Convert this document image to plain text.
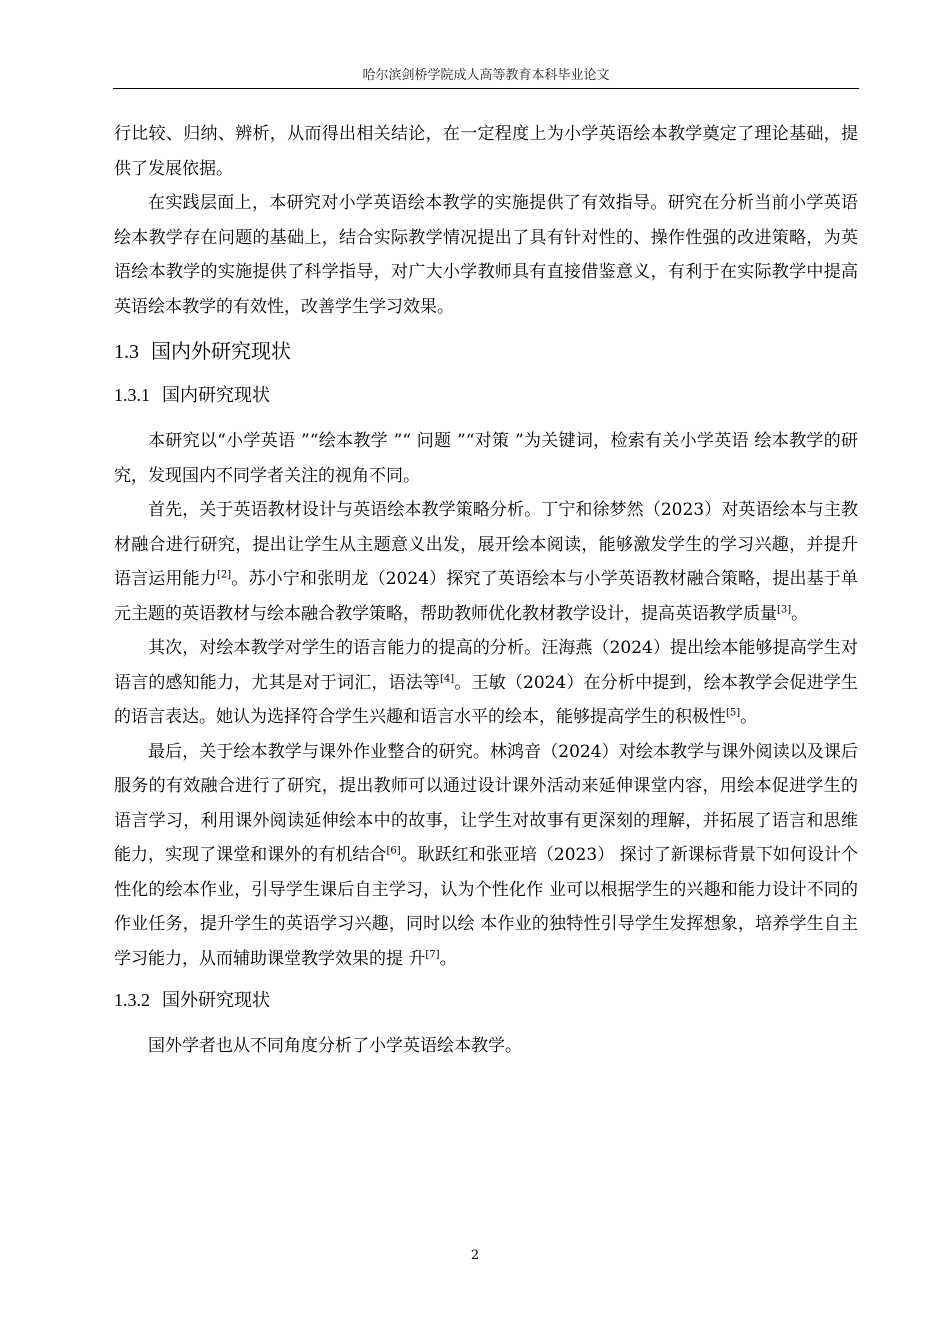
哈尔滨剑桥学院成人高等教育本科毕业论文

行比较、归纳、辨析，从而得出相关结论，在一定程度上为小学英语绘本教学奠定了理论基础，提供了发展依据。

在实践层面上，本研究对小学英语绘本教学的实施提供了有效指导。研究在分析当前小学英语绘本教学存在问题的基础上，结合实际教学情况提出了具有针对性的、操作性强的改进策略，为英语绘本教学的实施提供了科学指导，对广大小学教师具有直接借鉴意义，有利于在实际教学中提高英语绘本教学的有效性，改善学生学习效果。

1.3 国内外研究现状
1.3.1 国内研究现状

本研究以“小学英语 ”“绘本教学 ”“ 问题 ”“对策 ”为关键词，检索有关小学英语 绘本教学的研究，发现国内不同学者关注的视角不同。

首先，关于英语教材设计与英语绘本教学策略分析。丁宁和徐梦然（2023）对英语绘本与主教材融合进行研究，提出让学生从主题意义出发，展开绘本阅读，能够激发学生的学习兴趣，并提升语言运用能力[2]。苏小宁和张明龙（2024）探究了英语绘本与小学英语教材融合策略，提出基于单元主题的英语教材与绘本融合教学策略，帮助教师优化教材教学设计，提高英语教学质量[3]。

其次，对绘本教学对学生的语言能力的提高的分析。汪海燕（2024）提出绘本能够提高学生对语言的感知能力，尤其是对于词汇，语法等[4]。王敏（2024）在分析中提到，绘本教学会促进学生的语言表达。她认为选择符合学生兴趣和语言水平的绘本，能够提高学生的积极性[5]。

最后，关于绘本教学与课外作业整合的研究。林鸿音（2024）对绘本教学与课外阅读以及课后服务的有效融合进行了研究，提出教师可以通过设计课外活动来延伸课堂内容，用绘本促进学生的语言学习，利用课外阅读延伸绘本中的故事，让学生对故事有更深刻的理解，并拓展了语言和思维能力，实现了课堂和课外的有机结合[6]。耿跃红和张亚培（2023） 探讨了新课标背景下如何设计个性化的绘本作业，引导学生课后自主学习，认为个性化作 业可以根据学生的兴趣和能力设计不同的作业任务，提升学生的英语学习兴趣，同时以绘 本作业的独特性引导学生发挥想象，培养学生自主学习能力，从而辅助课堂教学效果的提 升[7]。

1.3.2 国外研究现状

国外学者也从不同角度分析了小学英语绘本教学。

2
